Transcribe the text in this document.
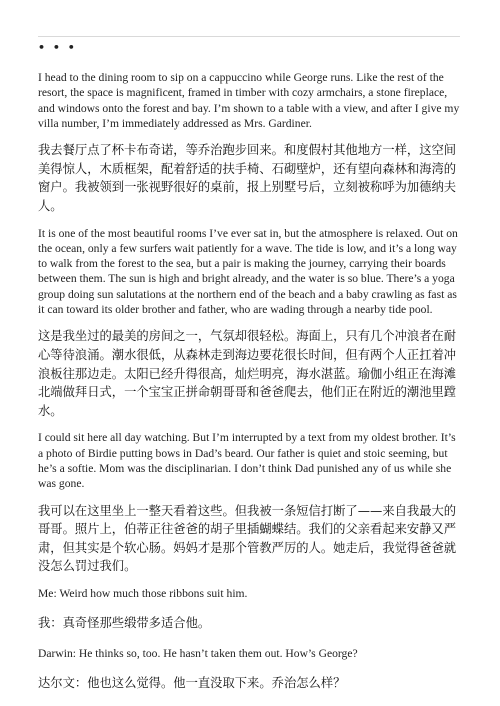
• • •

I head to the dining room to sip on a cappuccino while George runs. Like the rest of the resort, the space is magnificent, framed in timber with cozy armchairs, a stone fireplace, and windows onto the forest and bay. I’m shown to a table with a view, and after I give my villa number, I’m immediately addressed as Mrs. Gardiner.

我去餐厅点了杯卡布奇诺，等乔治跑步回来。和度假村其他地方一样，这空间美得惊人，木质框架，配着舒适的扶手椅、石砌壁炉，还有望向森林和海湾的窗户。我被领到一张视野很好的桌前，报上别墅号后，立刻被称呼为加德纳夫人。

It is one of the most beautiful rooms I’ve ever sat in, but the atmosphere is relaxed. Out on the ocean, only a few surfers wait patiently for a wave. The tide is low, and it’s a long way to walk from the forest to the sea, but a pair is making the journey, carrying their boards between them. The sun is high and bright already, and the water is so blue. There’s a yoga group doing sun salutations at the northern end of the beach and a baby crawling as fast as it can toward its older brother and father, who are wading through a nearby tide pool.

这是我坐过的最美的房间之一，气氛却很轻松。海面上，只有几个冲浪者在耐心等待浪涌。潮水很低，从森林走到海边要花很长时间，但有两个人正扛着冲浪板往那边走。太阳已经升得很高，灿烂明亮，海水湛蓝。瑜伽小组正在海滩北端做拜日式，一个宝宝正拼命朝哥哥和爸爸爬去，他们正在附近的潮池里蹚水。

I could sit here all day watching. But I’m interrupted by a text from my oldest brother. It’s a photo of Birdie putting bows in Dad’s beard. Our father is quiet and stoic seeming, but he’s a softie. Mom was the disciplinarian. I don’t think Dad punished any of us while she was gone.

我可以在这里坐上一整天看着这些。但我被一条短信打断了——来自我最大的哥哥。照片上，伯蒂正往爸爸的胡子里插蝴蝶结。我们的父亲看起来安静又严肃，但其实是个软心肠。妈妈才是那个管教严厉的人。她走后，我觉得爸爸就没怎么罚过我们。

Me: Weird how much those ribbons suit him.

我：真奇怪那些缎带多适合他。

Darwin: He thinks so, too. He hasn’t taken them out. How’s George?

达尔文：他也这么觉得。他一直没取下来。乔治怎么样？
